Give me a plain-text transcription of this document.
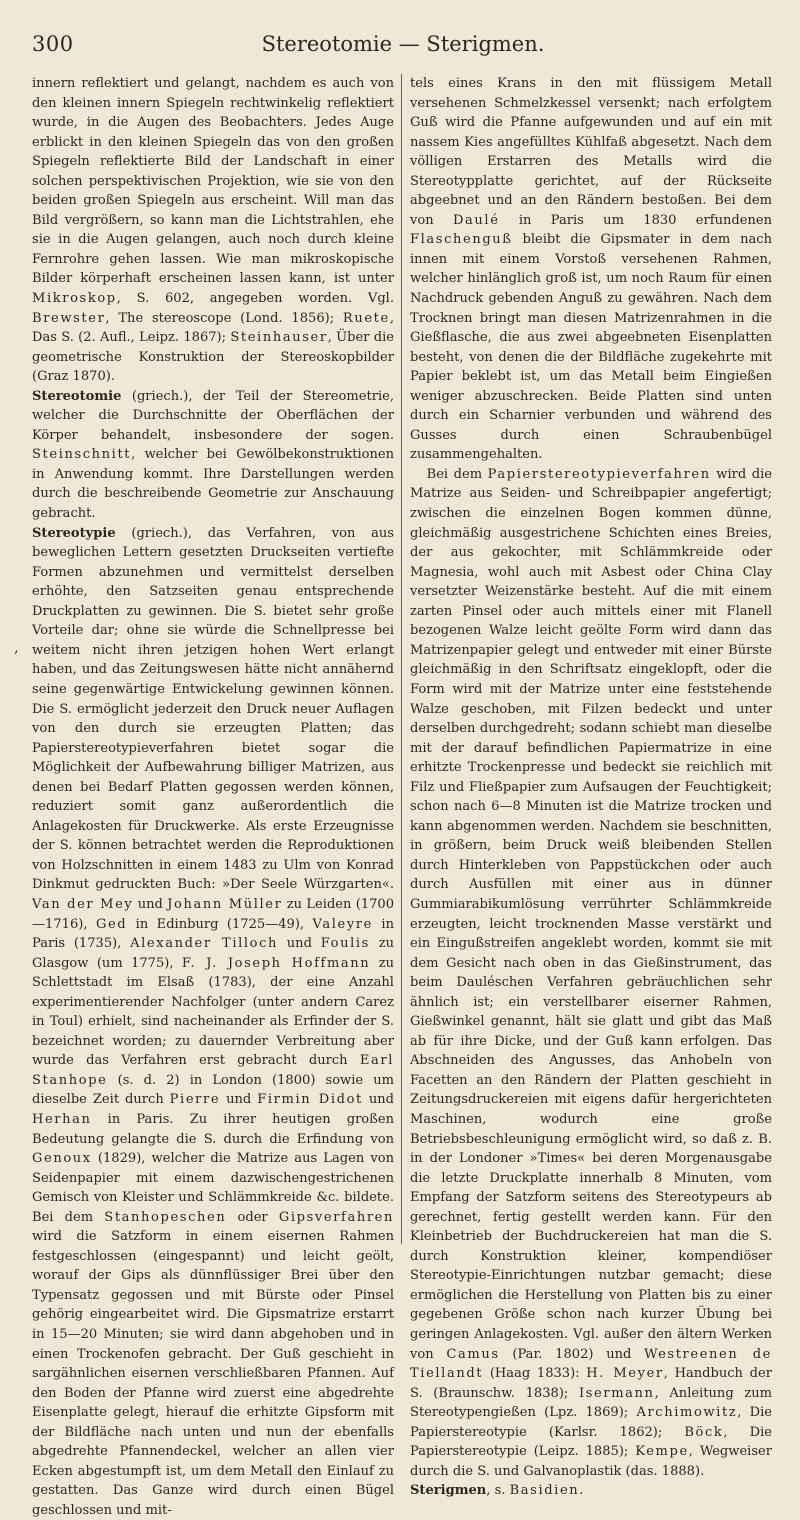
300	Stereotomie — Sterigmen.
‚

innern reflektiert und gelangt, nachdem es auch von den kleinen innern Spiegeln rechtwinkelig reflektiert wurde, in die Augen des Beobachters. Jedes Auge erblickt in den kleinen Spiegeln das von den großen Spiegeln reflektierte Bild der Landschaft in einer solchen perspektivischen Projektion, wie sie von den beiden großen Spiegeln aus erscheint. Will man das Bild vergrößern, so kann man die Lichtstrahlen, ehe sie in die Augen gelangen, auch noch durch kleine Fernrohre gehen lassen. Wie man mikroskopische Bilder körperhaft erscheinen lassen kann, ist unter Mikroskop, S. 602, angegeben worden. Vgl. Brewster, The stereoscope (Lond. 1856); Ruete, Das S. (2. Aufl., Leipz. 1867); Steinhauser, Über die geometrische Konstruktion der Stereoskopbilder (Graz 1870).

Stereotomie (griech.), der Teil der Stereometrie, welcher die Durchschnitte der Oberflächen der Körper behandelt, insbesondere der sogen. Steinschnitt, welcher bei Gewölbekonstruktionen in Anwendung kommt. Ihre Darstellungen werden durch die beschreibende Geometrie zur Anschauung gebracht.

Stereotypie (griech.), das Verfahren, von aus beweglichen Lettern gesetzten Druckseiten vertiefte Formen abzunehmen und vermittelst derselben erhöhte, den Satzseiten genau entsprechende Druckplatten zu gewinnen. Die S. bietet sehr große Vorteile dar; ohne sie würde die Schnellpresse bei weitem nicht ihren jetzigen hohen Wert erlangt haben, und das Zeitungswesen hätte nicht annähernd seine gegenwärtige Entwickelung gewinnen können. Die S. ermöglicht jederzeit den Druck neuer Auflagen von den durch sie erzeugten Platten; das Papierstereotypieverfahren bietet sogar die Möglichkeit der Aufbewahrung billiger Matrizen, aus denen bei Bedarf Platten gegossen werden können, reduziert somit ganz außerordentlich die Anlagekosten für Druckwerke. Als erste Erzeugnisse der S. können betrachtet werden die Reproduktionen von Holzschnitten in einem 1483 zu Ulm von Konrad Dinkmut gedruckten Buch: »Der Seele Würzgarten«. Van der Mey und Johann Müller zu Leiden (1700—1716), Ged in Edinburg (1725—49), Valeyre in Paris (1735), Alexander Tilloch und Foulis zu Glasgow (um 1775), F. J. Joseph Hoffmann zu Schlettstadt im Elsaß (1783), der eine Anzahl experimentierender Nachfolger (unter andern Carez in Toul) erhielt, sind nacheinander als Erfinder der S. bezeichnet worden; zu dauernder Verbreitung aber wurde das Verfahren erst gebracht durch Earl Stanhope (s. d. 2) in London (1800) sowie um dieselbe Zeit durch Pierre und Firmin Didot und Herhan in Paris. Zu ihrer heutigen großen Bedeutung gelangte die S. durch die Erfindung von Genoux (1829), welcher die Matrize aus Lagen von Seidenpapier mit einem dazwischengestrichenen Gemisch von Kleister und Schlämmkreide &c. bildete. Bei dem Stanhopeschen oder Gipsverfahren wird die Satzform in einem eisernen Rahmen festgeschlossen (eingespannt) und leicht geölt, worauf der Gips als dünnflüssiger Brei über den Typensatz gegossen und mit Bürste oder Pinsel gehörig eingearbeitet wird. Die Gipsmatrize erstarrt in 15—20 Minuten; sie wird dann abgehoben und in einen Trockenofen gebracht. Der Guß geschieht in sargähnlichen eisernen verschließbaren Pfannen. Auf den Boden der Pfanne wird zuerst eine abgedrehte Eisenplatte gelegt, hierauf die erhitzte Gipsform mit der Bildfläche nach unten und nun der ebenfalls abgedrehte Pfannendeckel, welcher an allen vier Ecken abgestumpft ist, um dem Metall den Einlauf zu gestatten. Das Ganze wird durch einen Bügel geschlossen und mit-

tels eines Krans in den mit flüssigem Metall versehenen Schmelzkessel versenkt; nach erfolgtem Guß wird die Pfanne aufgewunden und auf ein mit nassem Kies angefülltes Kühlfaß abgesetzt. Nach dem völligen Erstarren des Metalls wird die Stereotypplatte gerichtet, auf der Rückseite abgeebnet und an den Rändern bestoßen. Bei dem von Daulé in Paris um 1830 erfundenen Flaschenguß bleibt die Gipsmater in dem nach innen mit einem Vorstoß versehenen Rahmen, welcher hinlänglich groß ist, um noch Raum für einen Nachdruck gebenden Anguß zu gewähren. Nach dem Trocknen bringt man diesen Matrizenrahmen in die Gießflasche, die aus zwei abgeebneten Eisenplatten besteht, von denen die der Bildfläche zugekehrte mit Papier beklebt ist, um das Metall beim Eingießen weniger abzuschrecken. Beide Platten sind unten durch ein Scharnier verbunden und während des Gusses durch einen Schraubenbügel zusammengehalten.

Bei dem Papierstereotypieverfahren wird die Matrize aus Seiden- und Schreibpapier angefertigt; zwischen die einzelnen Bogen kommen dünne, gleichmäßig ausgestrichene Schichten eines Breies, der aus gekochter, mit Schlämmkreide oder Magnesia, wohl auch mit Asbest oder China Clay versetzter Weizenstärke besteht. Auf die mit einem zarten Pinsel oder auch mittels einer mit Flanell bezogenen Walze leicht geölte Form wird dann das Matrizenpapier gelegt und entweder mit einer Bürste gleichmäßig in den Schriftsatz eingeklopft, oder die Form wird mit der Matrize unter eine feststehende Walze geschoben, mit Filzen bedeckt und unter derselben durchgedreht; sodann schiebt man dieselbe mit der darauf befindlichen Papiermatrize in eine erhitzte Trockenpresse und bedeckt sie reichlich mit Filz und Fließpapier zum Aufsaugen der Feuchtigkeit; schon nach 6—8 Minuten ist die Matrize trocken und kann abgenommen werden. Nachdem sie beschnitten, in größern, beim Druck weiß bleibenden Stellen durch Hinterkleben von Pappstückchen oder auch durch Ausfüllen mit einer aus in dünner Gummiarabikumlösung verrührter Schlämmkreide erzeugten, leicht trocknenden Masse verstärkt und ein Eingußstreifen angeklebt worden, kommt sie mit dem Gesicht nach oben in das Gießinstrument, das beim Dauléschen Verfahren gebräuchlichen sehr ähnlich ist; ein verstellbarer eiserner Rahmen, Gießwinkel genannt, hält sie glatt und gibt das Maß ab für ihre Dicke, und der Guß kann erfolgen. Das Abschneiden des Angusses, das Anhobeln von Facetten an den Rändern der Platten geschieht in Zeitungsdruckereien mit eigens dafür hergerichteten Maschinen, wodurch eine große Betriebsbeschleunigung ermöglicht wird, so daß z. B. in der Londoner »Times« bei deren Morgenausgabe die letzte Druckplatte innerhalb 8 Minuten, vom Empfang der Satzform seitens des Stereotypeurs ab gerechnet, fertig gestellt werden kann. Für den Kleinbetrieb der Buchdruckereien hat man die S. durch Konstruktion kleiner, kompendiöser Stereotypie-Einrichtungen nutzbar gemacht; diese ermöglichen die Herstellung von Platten bis zu einer gegebenen Größe schon nach kurzer Übung bei geringen Anlagekosten. Vgl. außer den ältern Werken von Camus (Par. 1802) und Westreenen de Tiellandt (Haag 1833): H. Meyer, Handbuch der S. (Braunschw. 1838); Isermann, Anleitung zum Stereotypengießen (Lpz. 1869); Archimowitz, Die Papierstereotypie (Karlsr. 1862); Böck, Die Papierstereotypie (Leipz. 1885); Kempe, Wegweiser durch die S. und Galvanoplastik (das. 1888).

Sterigmen, s. Basidien.
